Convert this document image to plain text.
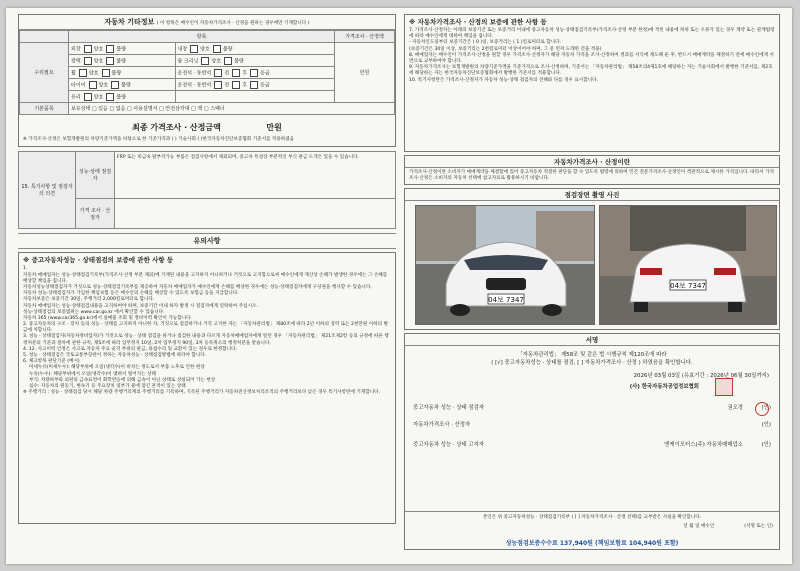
자동차 기타정보 ( 이 항목은 매수인이 자동차가격조사 · 산정을 원하는 경우에만 기재합니다 )
	항목		가격조사 · 산정액
수리필요	외장 양호 불량	내장 양호 불량	만원
	광택 양호 불량	룸 크리닝 양호 불량	
	휠 양호 불량	운전석 · 동반석 전 후 응급	
	타이어 양호 불량	운전석 · 동반석 전 후 응급	
	유리 양호 불량		
기본품목	보유상태 □ 있음 □ 없음 □ 사용설명서 □ 안전삼각대 □ 잭 □ 스패너		
최종 가격조사 · 산정금액	만원
※ 가격조사·산정은 보험개발원의 차량기준가액을 바탕으로 한 기준가격과 ( ) 기술사회 ( )한국자동차진단보증협회 기준서를 적용하였음
15. 특기사항 및 점검자의 의견	성능·상태 점검자	FRP 또는 비금속 탈부착가능 부품은 점검사항에서 제외되며, 중고차 특성상 부분적인 부식 판금 도색은 있을 수 있습니다.
	가격 조사 · 산정자	
유의사항
※ 중고자동차성능 · 상태점검의 보증에 관한 사항 등
1.
자동차 매매업자는 성능·상태점검기록부(가격조사·산정 부분 제외)에 기재된 내용을 고지하지 아니하거나 거짓으로 고지함으로써 매수인에게 재산상 손해가 발생한 경우에는 그 손해를 배상할 책임을 집니다.
자동차성능상태점검자가 거짓으로 성능·상태점검기록부를 제공하여 자동차 매매업자가 매수인에게 손해를 배상한 경우에는 성능·상태점검자에게 구상권을 행사할 수 있습니다.
자동차 성능·상태점검자가 가입한 책임보험 등은 매수인의 손해를 배상할 수 있도록 보험금 등을 지급합니다.
자동차보증은 보증기간 30일, 주행거리 2,000킬로미터로 합니다.
자동차 매매업자는 성능·상태점검내용을 고지하여야 하며, 보증기간 이내 하자 발생 시 점검자에게 연락하여 주십시오.
성능·상태점검의 보증범위는 www.car.go.kr 에서 확인할 수 있습니다.
자동차 365 (www.car365.go.kr)에서 실매물 조회 및 정비이력 확인이 가능합니다.
2. 중고자동차의 구조 · 장치 등의 성능 · 상태를 고지하지 아니한 자, 거짓으로 점검하거나 거짓 고지한 자는 「자동차관리법」 제80조에 따라 2년 이하의 징역 또는 2천만원 이하의 벌금에 처합니다.
3. 성능 · 상태점검자(자동차정비업자)가 거짓으로 성능 · 상태 점검을 하거나 점검한 내용과 다르게 자동차매매업자에게 알린 경우 「자동차관리법」 제21조제2항 등의 규정에 따른 행정처분의 기준과 절차에 관한 규칙, 제5조에 따라 업무정지 10일, 2차 업무정지 90일, 3차 등록취소의 행정처분을 받습니다.
4. 12. 사고이력 인정은 사고로 자동차 주요 골격 부위의 판금, 용접수리 및 교환이 있는 경우로 한정합니다.
5. 성능 · 상태점검은 국토교통부장관이 정하는 자동차성능 · 상태점검방법에 따라야 합니다.
6. 체크항목 판단기준 (예시)
미세누유(미세누수): 해당부위에 오일(냉각수)이 비치는 정도로서 부품 노후로 인한 현상
누유(누수): 해당부위에서 오일(냉각수)이 맺혀서 떨어지는 상태
부식: 차량하부와 외판의 금속표면이 화학반응에 의해 금속이 아닌 상태로 상실되어 가는 현상
침수: 자동차의 원동기, 변속기 등 주요장치 일부가 물에 잠긴 흔적이 있는 상태
※ 주행거리 : 성능 · 상태점검 당시 해당 차량 주행거리계의 주행거리를 기록하며, 기록된 주행거리가 자동차전산정보처리조직의 주행거리보다 낮은 경우 특기사항란에 기재합니다.
※ 자동차가격조사 · 산정의 보증에 관한 사항 등
7. 가격조사·산정자는 아래의 보증기간 또는 보증거리 이내에 중고자동차 성능·상태점검기록부(가격조사·산정 부분 한정)에 적힌 내용에 허위 또는 오류가 있는 경우 계약 또는 관계법령에 따라 매수인에게 대하여 책임을 집니다.
- 자동차인도일부터 보증기간은 ( 0 )일, 보증거리는 ( 1 )킬로미터로 합니다.
(보증기간은 30일 이상, 보증거리는 2천킬로미터 이상이어야 하며, 그 중 먼저 도래한 것을 적용)
8. 매매업자는 매수인이 가격조사·산정을 원할 경우 가격조사·산정자가 해당 자동차 가격을 조사·산정하여 결과를 서식에 제도해 둔 후, 반드시 매매계약을 체결하기 전에 매수인에게 서면으로 교부하여야 합니다.
9. 자동차가격조사는 보험개발원의 차량기준가액을 기준가격으로 조사·산정하며, 기준서는 「자동차관리법」 제58조의4제1호에 해당하는 자는 기술사회에서 발행한 기준서를, 제2호에 해당하는 자는 한국자동차진단보증협회에서 발행한 기준서를 적용합니다.
10. 특기사항란은 가격조사·산정자가 자동차 성능·상태 점검자의 견해와 다를 경우 표시합니다.
자동차가격조사 · 산정이란
가격조사·산정이란 소비자가 매매계약을 체결함에 있어 중고자동차 적절한 판단을 할 수 있도록 법령에 의하여 민간 전문가격조사·산정인이 객관적으로 제시한 가격입니다. 따라서 가격조사·산정은 소비자의 자동차 선택에 참고자료로 활용하시기 바랍니다.
점검장면 촬영 사진
04보 7347
04보 7347
서명
「자동차관리법」 제58조 및 같은 법 시행규칙 제120조에 따라
( [√] 중고자동차성능 · 상태를 점검, [ ] 자동차가격조사 · 산정 ) 하였음을 확인합니다.
2026년 03월 03일 (유효기간 : 2026년 06월 30일까지)
(사) 한국자동차공업정보협회
중고자동차 성능 · 상태 점검자	권오경	(인)
자동차가격조사 · 산정자	(인)
중고자동차 성능 · 상태 고지자	엔케이모터스(주) 자동차매매업소	(인)
본인은 위 중고자동차성능 · 상태점검기록부 ( [ ] 자동차가격조사 · 산정 선택)를 교부받은 사실을 확인합니다.
년 월 일 매수인	(서명 또는 인)
성능점검보증수수료 137,940원 (책임보험료 104,940원 포함)
